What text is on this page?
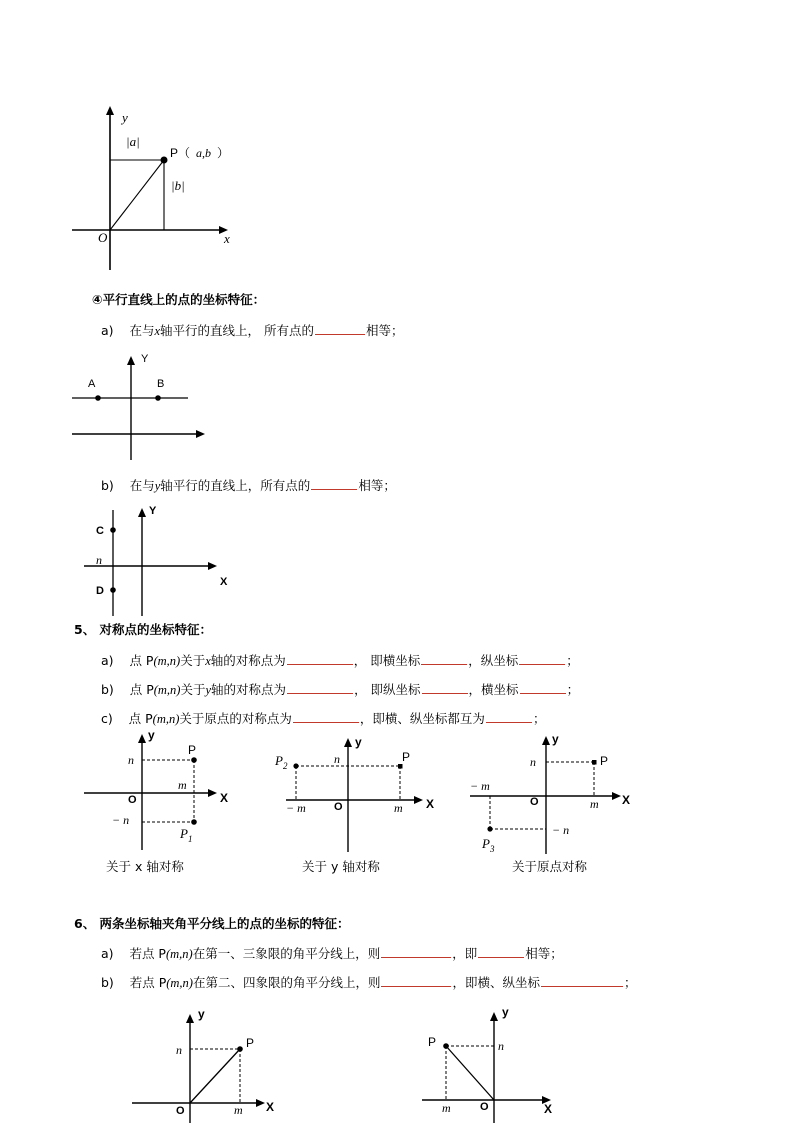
y
x
O
|a|
|b|
P（ a,b ）
④平行直线上的点的坐标特征：
a) 在与x轴平行的直线上， 所有点的	相等；
Y
A	B
b) 在与y轴平行的直线上，所有点的	相等；
Y
X
C
D
n
5、 对称点的坐标特征：
a) 点 P(m,n)关于x轴的对称点为	， 即横坐标	，纵坐标	；
b) 点 P(m,n)关于y轴的对称点为	， 即纵坐标	，横坐标	；
c) 点 P(m,n)关于原点的对称点为	，即横、纵坐标都互为	；
y
X
O
P
n
m
− n
$P_1$
关于 x 轴对称
y
X
O
P
n
m
− m
$P_2$
关于 y 轴对称
y
X
O
P
n
m
− m
− n
$P_3$
关于原点对称
6、 两条坐标轴夹角平分线上的点的坐标的特征：
a) 若点 P(m,n)在第一、三象限的角平分线上，则	，即	相等；
b) 若点 P(m,n)在第二、四象限的角平分线上，则	，即横、纵坐标	；
y
X
O
P
n
m
y
X
O
P	n
m
